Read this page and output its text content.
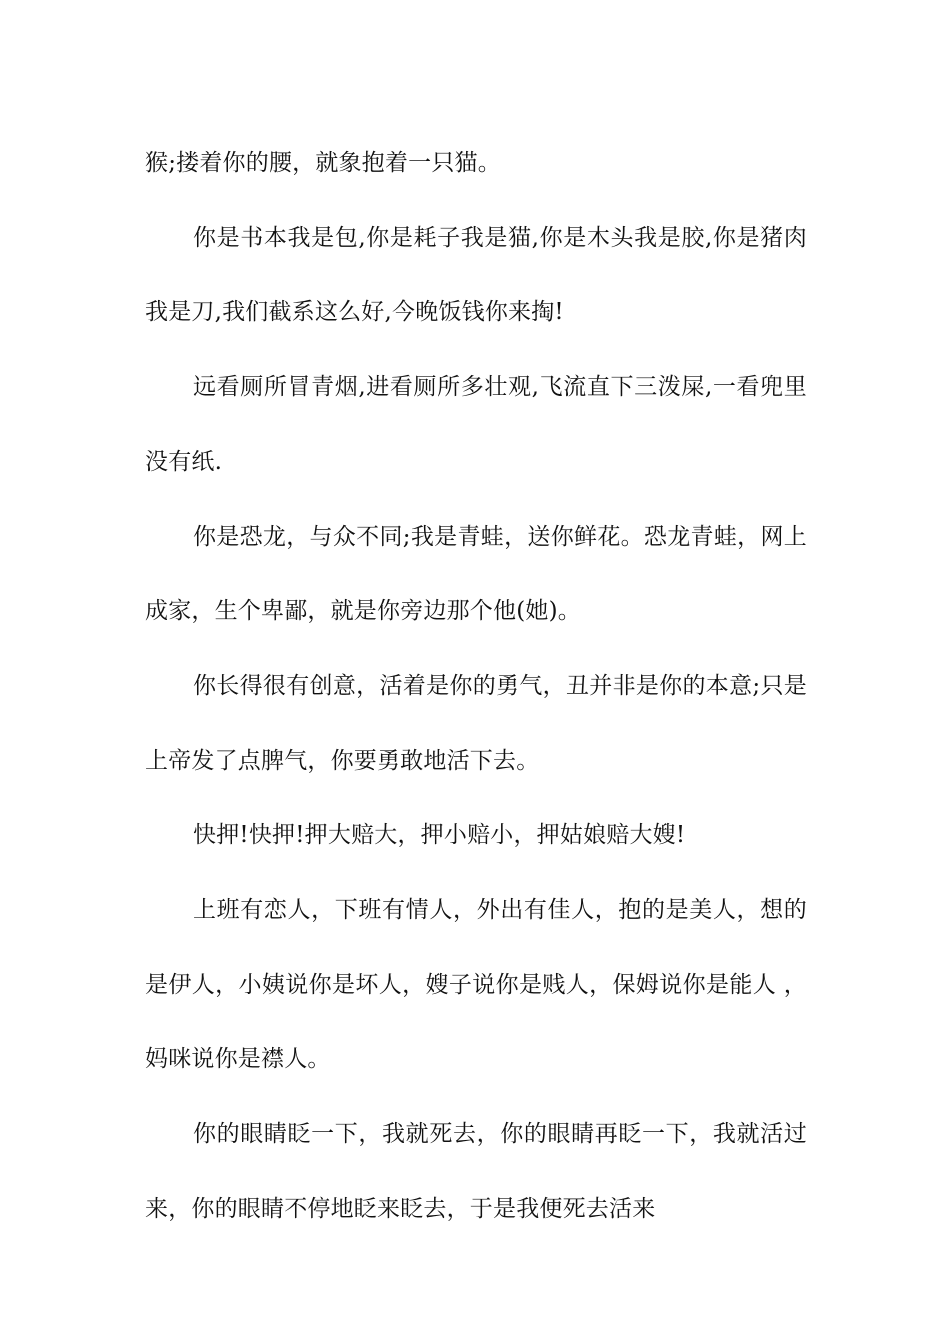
猴;搂着你的腰，就象抱着一只猫。

你是书本我是包,你是耗子我是猫,你是木头我是胶,你是猪肉我是刀,我们截系这么好,今晚饭钱你来掏!

远看厕所冒青烟,进看厕所多壮观,飞流直下三泼屎,一看兜里没有纸.

你是恐龙，与众不同;我是青蛙，送你鲜花。恐龙青蛙，网上成家，生个卑鄙，就是你旁边那个他(她)。

你长得很有创意，活着是你的勇气，丑并非是你的本意;只是上帝发了点脾气，你要勇敢地活下去。

快押!快押!押大赔大，押小赔小，押姑娘赔大嫂!

上班有恋人，下班有情人，外出有佳人，抱的是美人，想的是伊人，小姨说你是坏人，嫂子说你是贱人，保姆说你是能人 ，妈咪说你是襟人。

你的眼睛眨一下，我就死去，你的眼睛再眨一下，我就活过来，你的眼睛不停地眨来眨去，于是我便死去活来
